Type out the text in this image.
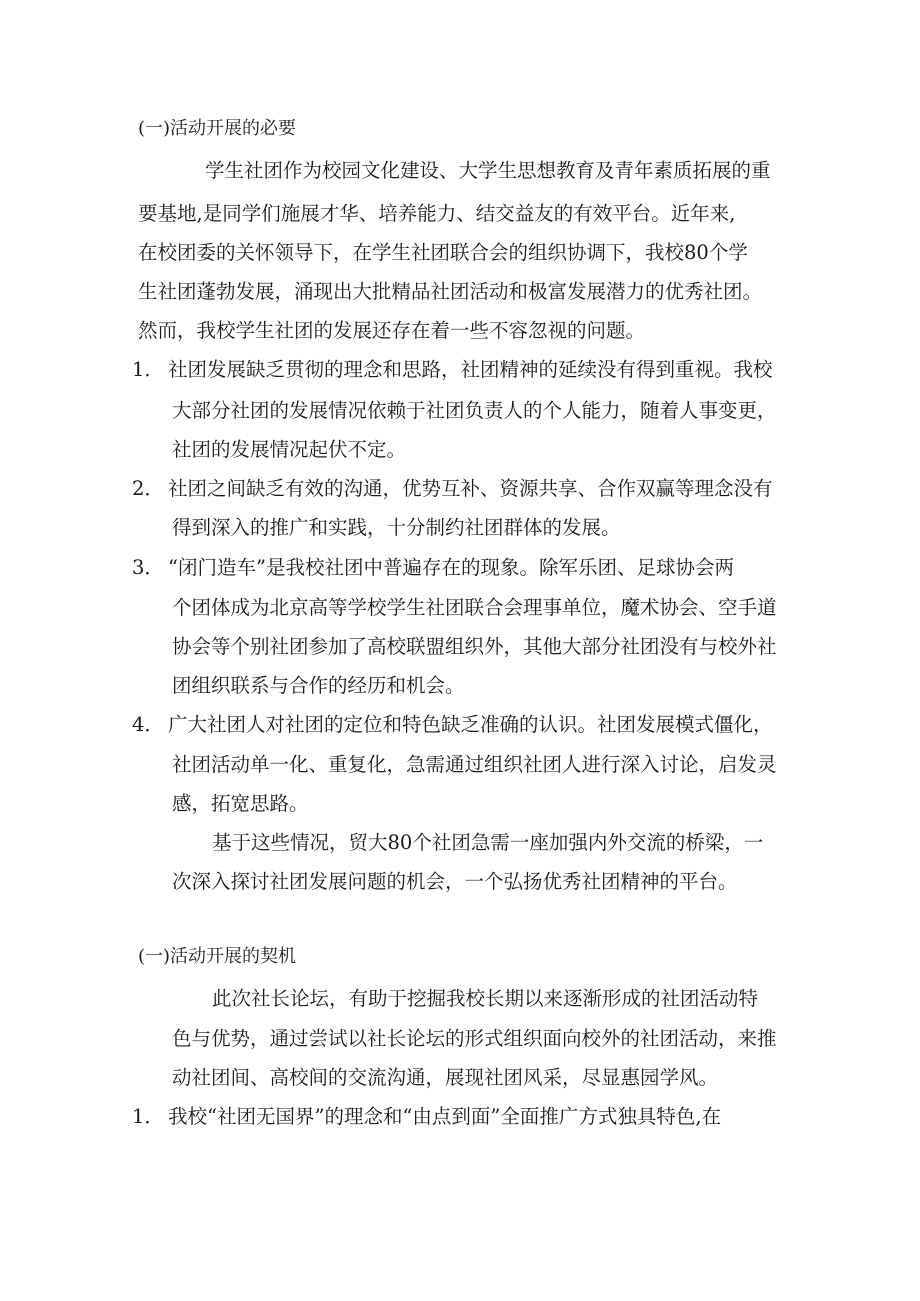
(一)活动开展的必要
学生社团作为校园文化建设、大学生思想教育及青年素质拓展的重
要基地,是同学们施展才华、培养能力、结交益友的有效平台。近年来,
在校团委的关怀领导下，在学生社团联合会的组织协调下，我校80个学
生社团蓬勃发展，涌现出大批精品社团活动和极富发展潜力的优秀社团。
然而，我校学生社团的发展还存在着一些不容忽视的问题。
1． 社团发展缺乏贯彻的理念和思路，社团精神的延续没有得到重视。我校
大部分社团的发展情况依赖于社团负责人的个人能力，随着人事变更，
社团的发展情况起伏不定。
2． 社团之间缺乏有效的沟通，优势互补、资源共享、合作双赢等理念没有
得到深入的推广和实践，十分制约社团群体的发展。
3． “闭门造车”是我校社团中普遍存在的现象。除军乐团、足球协会两
个团体成为北京高等学校学生社团联合会理事单位，魔术协会、空手道
协会等个别社团参加了高校联盟组织外，其他大部分社团没有与校外社
团组织联系与合作的经历和机会。
4． 广大社团人对社团的定位和特色缺乏准确的认识。社团发展模式僵化，
社团活动单一化、重复化，急需通过组织社团人进行深入讨论，启发灵
感，拓宽思路。
基于这些情况，贸大80个社团急需一座加强内外交流的桥梁，一
次深入探讨社团发展问题的机会，一个弘扬优秀社团精神的平台。
(一)活动开展的契机
此次社长论坛，有助于挖掘我校长期以来逐渐形成的社团活动特
色与优势，通过尝试以社长论坛的形式组织面向校外的社团活动，来推
动社团间、高校间的交流沟通，展现社团风采，尽显惠园学风。
1． 我校“社团无国界”的理念和“由点到面”全面推广方式独具特色,在
